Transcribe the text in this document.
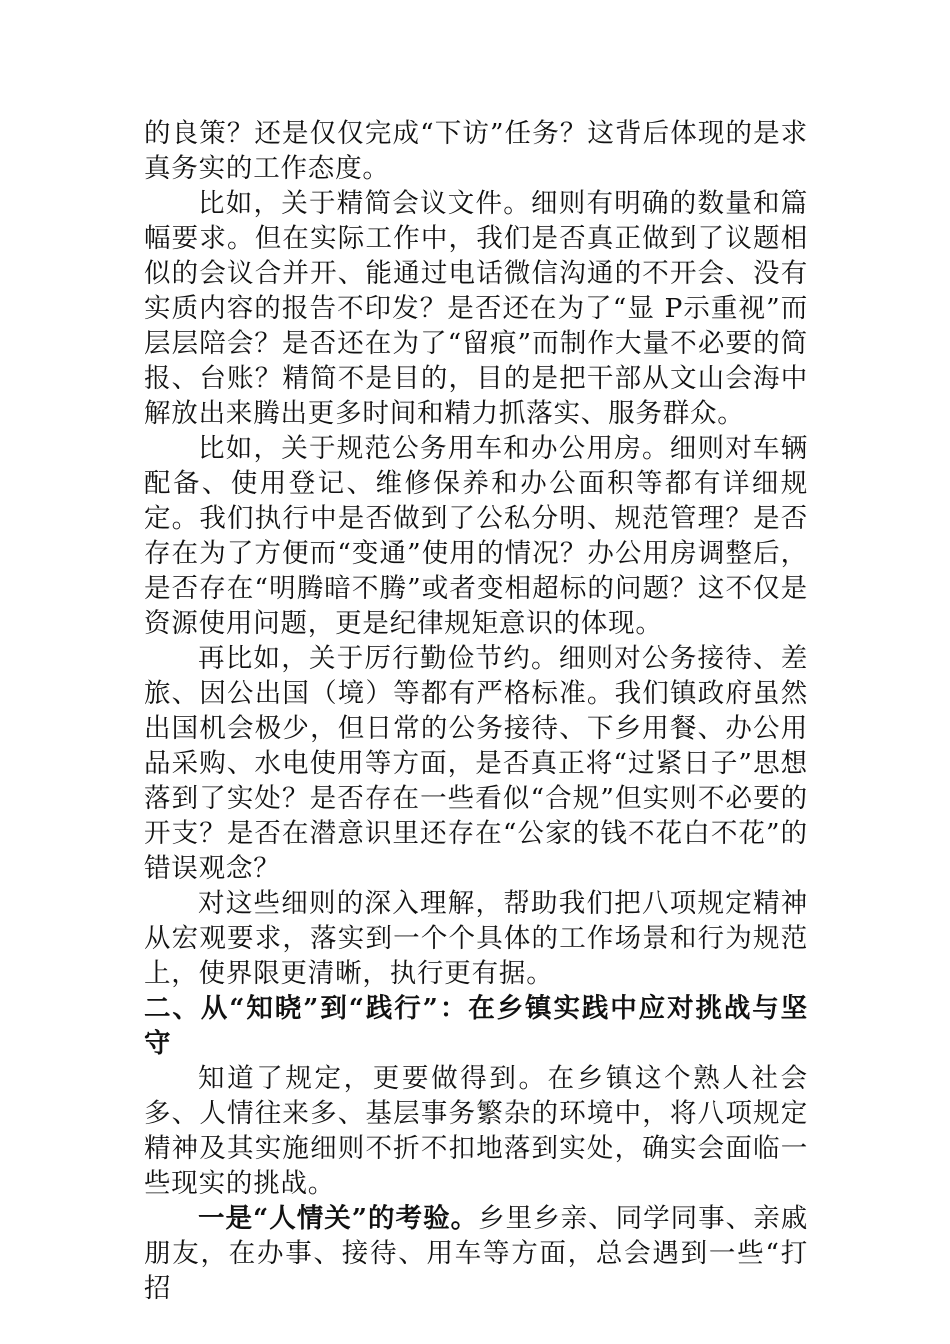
的良策？还是仅仅完成“下访”任务？这背后体现的是求真务实的工作态度。

比如，关于精简会议文件。细则有明确的数量和篇幅要求。但在实际工作中，我们是否真正做到了议题相似的会议合并开、能通过电话微信沟通的不开会、没有实质内容的报告不印发？是否还在为了“显 P示重视”而层层陪会？是否还在为了“留痕”而制作大量不必要的简报、台账？精简不是目的，目的是把干部从文山会海中解放出来腾出更多时间和精力抓落实、服务群众。

比如，关于规范公务用车和办公用房。细则对车辆配备、使用登记、维修保养和办公面积等都有详细规定。我们执行中是否做到了公私分明、规范管理？是否存在为了方便而“变通”使用的情况？办公用房调整后，是否存在“明腾暗不腾”或者变相超标的问题？这不仅是资源使用问题，更是纪律规矩意识的体现。

再比如，关于厉行勤俭节约。细则对公务接待、差旅、因公出国（境）等都有严格标准。我们镇政府虽然出国机会极少，但日常的公务接待、下乡用餐、办公用品采购、水电使用等方面，是否真正将“过紧日子”思想落到了实处？是否存在一些看似“合规”但实则不必要的开支？是否在潜意识里还存在“公家的钱不花白不花”的错误观念？

对这些细则的深入理解，帮助我们把八项规定精神从宏观要求，落实到一个个具体的工作场景和行为规范上，使界限更清晰，执行更有据。

二、从“知晓”到“践行”：在乡镇实践中应对挑战与坚守

知道了规定，更要做得到。在乡镇这个熟人社会多、人情往来多、基层事务繁杂的环境中，将八项规定精神及其实施细则不折不扣地落到实处，确实会面临一些现实的挑战。

一是“人情关”的考验。乡里乡亲、同学同事、亲戚朋友，在办事、接待、用车等方面，总会遇到一些“打招
